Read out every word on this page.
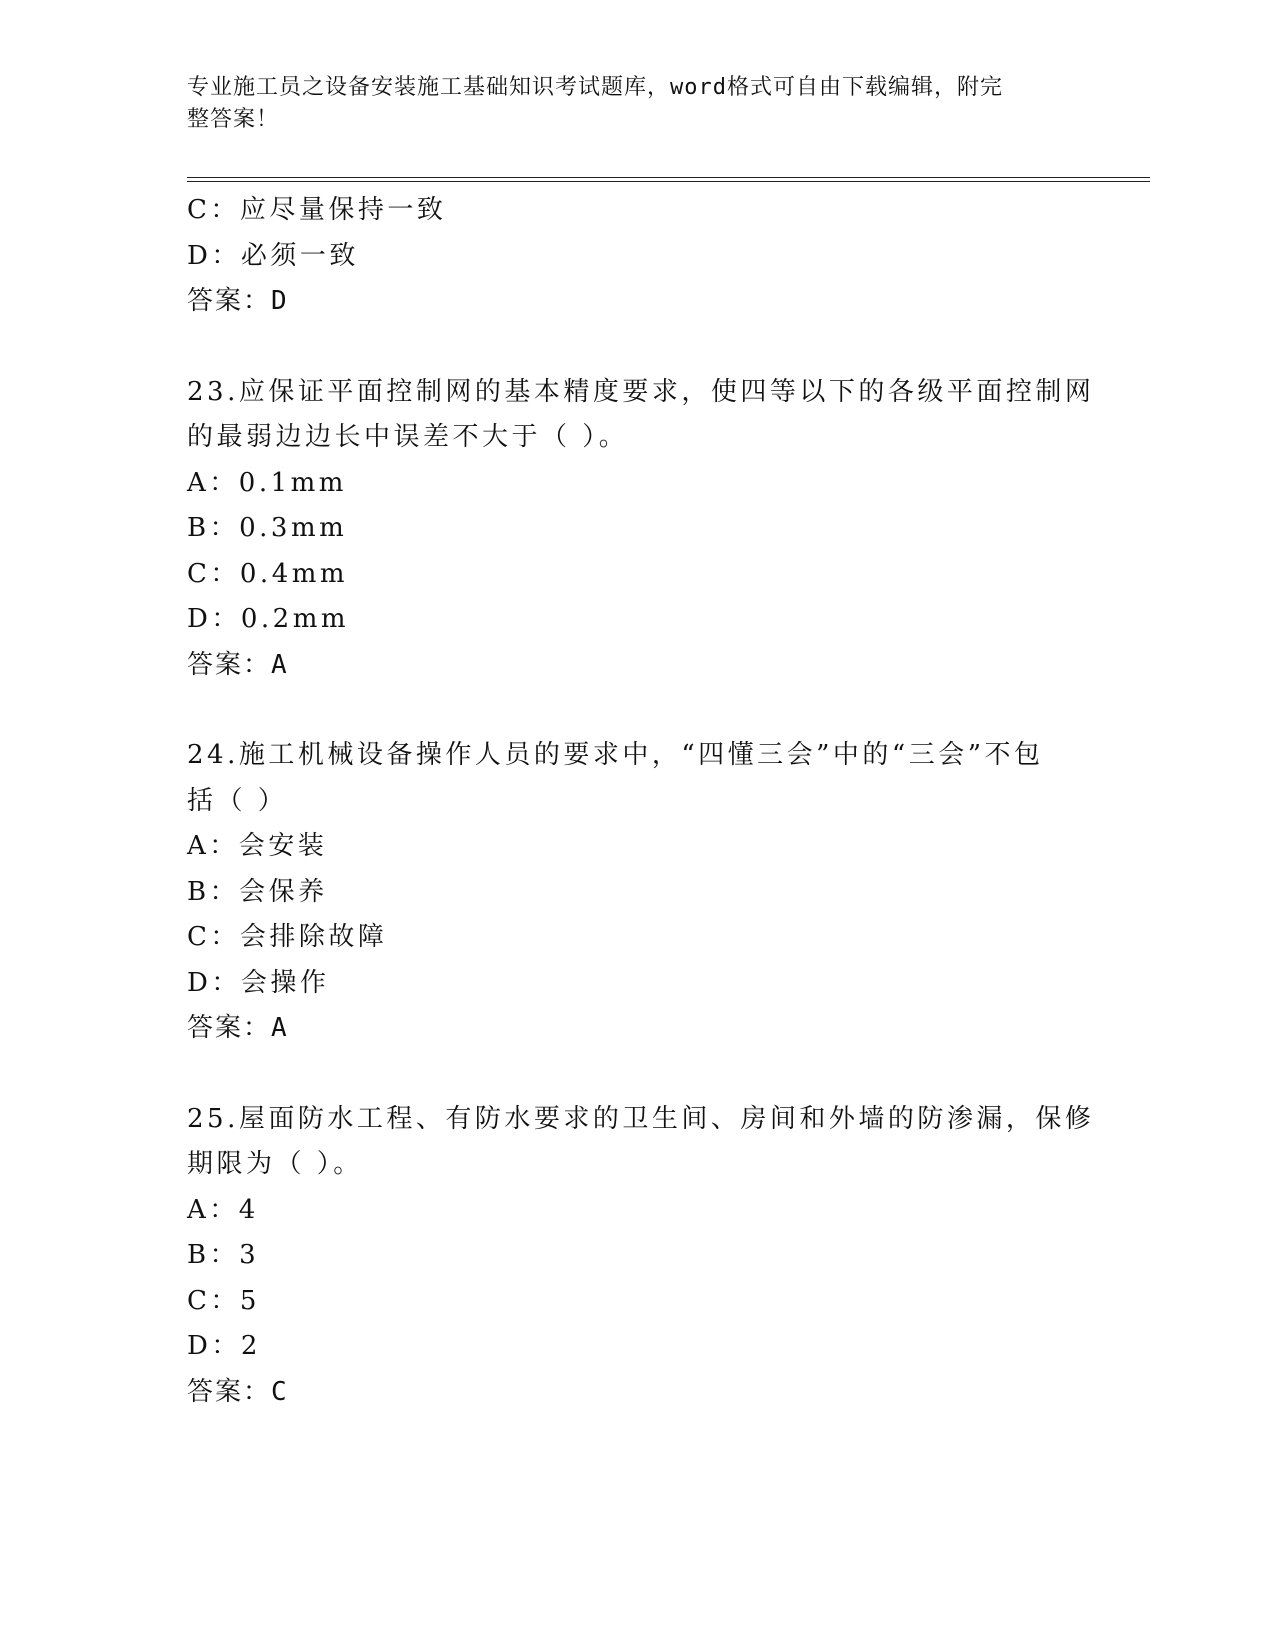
专业施工员之设备安装施工基础知识考试题库，word格式可自由下载编辑，附完
整答案！
C：应尽量保持一致
D：必须一致
答案：D
23.应保证平面控制网的基本精度要求，使四等以下的各级平面控制网
的最弱边边长中误差不大于（ ）。
A：0.1mm
B：0.3mm
C：0.4mm
D：0.2mm
答案：A
24.施工机械设备操作人员的要求中，“四懂三会”中的“三会”不包
括（ ）
A：会安装
B：会保养
C：会排除故障
D：会操作
答案：A
25.屋面防水工程、有防水要求的卫生间、房间和外墙的防渗漏，保修
期限为（ ）。
A：4
B：3
C：5
D：2
答案：C
